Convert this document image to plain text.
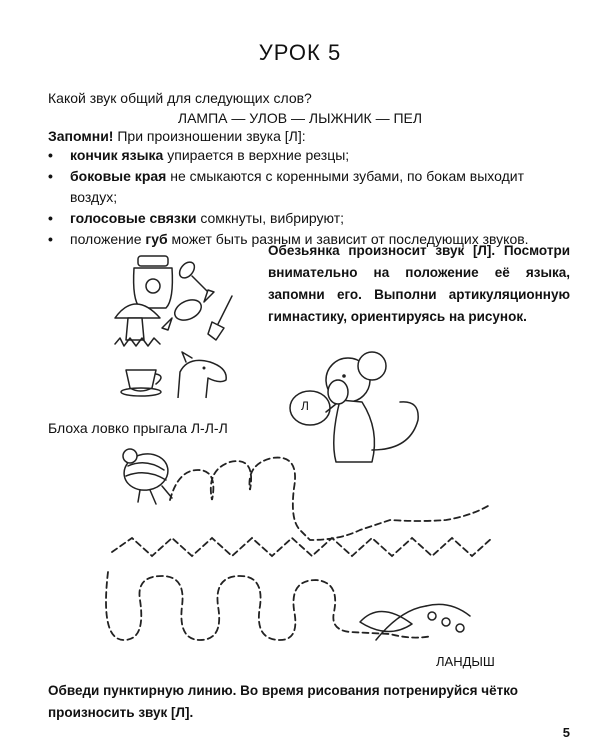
УРОК 5
Какой звук общий для следующих слов?
ЛАМПА — УЛОВ — ЛЫЖНИК — ПЕЛ
Запомни! При произношении звука [Л]:
• кончик языка упирается в верхние резцы;
• боковые края не смыкаются с коренными зубами, по бокам выходит воздух;
• голосовые связки сомкнуты, вибрируют;
• положение губ может быть разным и зависит от последующих звуков.
Обезьянка произносит звук [Л]. Посмотри внимательно на положение её языка, запомни его. Выполни артикуляционную гимнастику, ориентируясь на рисунок.
Блоха ловко прыгала Л-Л-Л
Л
ЛАНДЫШ
Обведи пунктирную линию. Во время рисования потренируйся чётко произносить звук [Л].
5
